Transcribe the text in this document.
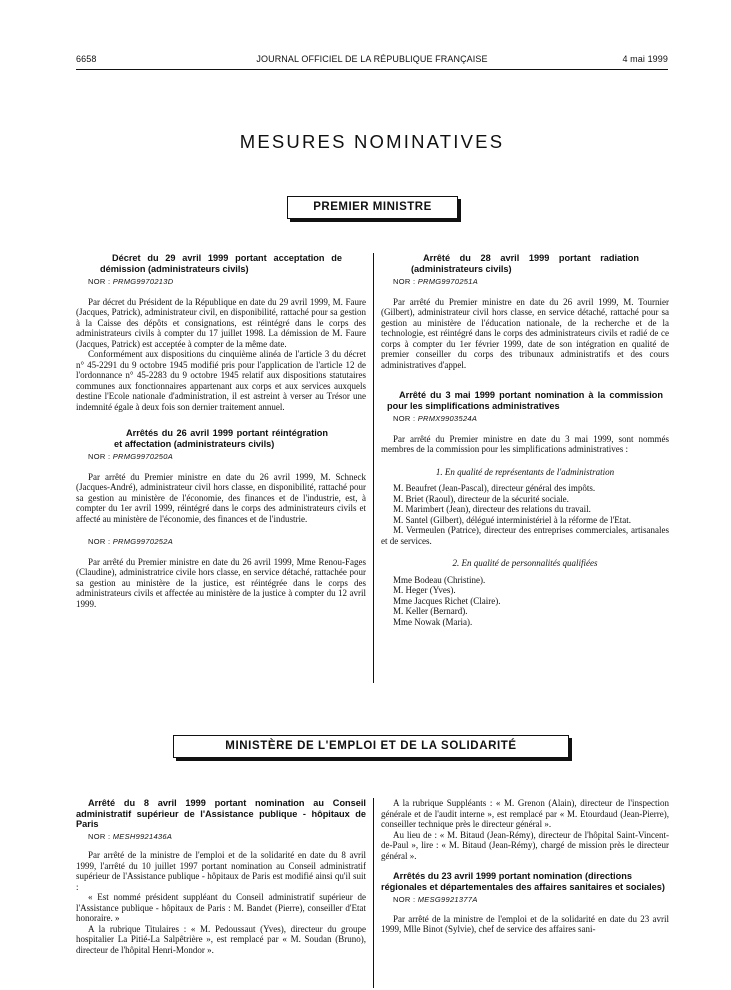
6658	JOURNAL OFFICIEL DE LA RÉPUBLIQUE FRANÇAISE	4 mai 1999
MESURES NOMINATIVES
PREMIER MINISTRE

Décret du 29 avril 1999 portant acceptation de démission (administrateurs civils)

NOR : PRMG9970213D

Par décret du Président de la République en date du 29 avril 1999, M. Faure (Jacques, Patrick), administrateur civil, en disponibilité, rattaché pour sa gestion à la Caisse des dépôts et consignations, est réintégré dans le corps des administrateurs civils à compter du 17 juillet 1998. La démission de M. Faure (Jacques, Patrick) est acceptée à compter de la même date.

Conformément aux dispositions du cinquième alinéa de l'article 3 du décret n° 45-2291 du 9 octobre 1945 modifié pris pour l'application de l'article 12 de l'ordonnance n° 45-2283 du 9 octobre 1945 relatif aux dispositions statutaires communes aux fonctionnaires appartenant aux corps et aux services auxquels destine l'Ecole nationale d'administration, il est astreint à verser au Trésor une indemnité égale à deux fois son dernier traitement annuel.

Arrêtés du 26 avril 1999 portant réintégration et affectation (administrateurs civils)

NOR : PRMG9970250A

Par arrêté du Premier ministre en date du 26 avril 1999, M. Schneck (Jacques-André), administrateur civil hors classe, en disponibilité, rattaché pour sa gestion au ministère de l'économie, des finances et de l'industrie, est, à compter du 1er avril 1999, réintégré dans le corps des administrateurs civils et affecté au ministère de l'économie, des finances et de l'industrie.

NOR : PRMG9970252A

Par arrêté du Premier ministre en date du 26 avril 1999, Mme Renou-Fages (Claudine), administratrice civile hors classe, en service détaché, rattachée pour sa gestion au ministère de la justice, est réintégrée dans le corps des administrateurs civils et affectée au ministère de la justice à compter du 12 avril 1999.

Arrêté du 28 avril 1999 portant radiation (administrateurs civils)

NOR : PRMG9970251A

Par arrêté du Premier ministre en date du 26 avril 1999, M. Tournier (Gilbert), administrateur civil hors classe, en service détaché, rattaché pour sa gestion au ministère de l'éducation nationale, de la recherche et de la technologie, est réintégré dans le corps des administrateurs civils et radié de ce corps à compter du 1er février 1999, date de son intégration en qualité de premier conseiller du corps des tribunaux administratifs et des cours administratives d'appel.

Arrêté du 3 mai 1999 portant nomination à la commission pour les simplifications administratives

NOR : PRMX9903524A

Par arrêté du Premier ministre en date du 3 mai 1999, sont nommés membres de la commission pour les simplifications administratives :

1. En qualité de représentants de l'administration

M. Beaufret (Jean-Pascal), directeur général des impôts.

M. Briet (Raoul), directeur de la sécurité sociale.

M. Marimbert (Jean), directeur des relations du travail.

M. Santel (Gilbert), délégué interministériel à la réforme de l'Etat.

M. Vermeulen (Patrice), directeur des entreprises commerciales, artisanales et de services.

2. En qualité de personnalités qualifiées

Mme Bodeau (Christine).

M. Heger (Yves).

Mme Jacques Richet (Claire).

M. Keller (Bernard).

Mme Nowak (Maria).

MINISTÈRE DE L'EMPLOI ET DE LA SOLIDARITÉ

Arrêté du 8 avril 1999 portant nomination au Conseil administratif supérieur de l'Assistance publique - hôpitaux de Paris

NOR : MESH9921436A

Par arrêté de la ministre de l'emploi et de la solidarité en date du 8 avril 1999, l'arrêté du 10 juillet 1997 portant nomination au Conseil administratif supérieur de l'Assistance publique - hôpitaux de Paris est modifié ainsi qu'il suit :

« Est nommé président suppléant du Conseil administratif supérieur de l'Assistance publique - hôpitaux de Paris : M. Bandet (Pierre), conseiller d'Etat honoraire. »

A la rubrique Titulaires : « M. Pedoussaut (Yves), directeur du groupe hospitalier La Pitié-La Salpêtrière », est remplacé par « M. Soudan (Bruno), directeur de l'hôpital Henri-Mondor ».

A la rubrique Suppléants : « M. Grenon (Alain), directeur de l'inspection générale et de l'audit interne », est remplacé par « M. Etourdaud (Jean-Pierre), conseiller technique près le directeur général ».

Au lieu de : « M. Bitaud (Jean-Rémy), directeur de l'hôpital Saint-Vincent-de-Paul », lire : « M. Bitaud (Jean-Rémy), chargé de mission près le directeur général ».

Arrêtés du 23 avril 1999 portant nomination (directions régionales et départementales des affaires sanitaires et sociales)

NOR : MESG9921377A

Par arrêté de la ministre de l'emploi et de la solidarité en date du 23 avril 1999, Mlle Binot (Sylvie), chef de service des affaires sani-
